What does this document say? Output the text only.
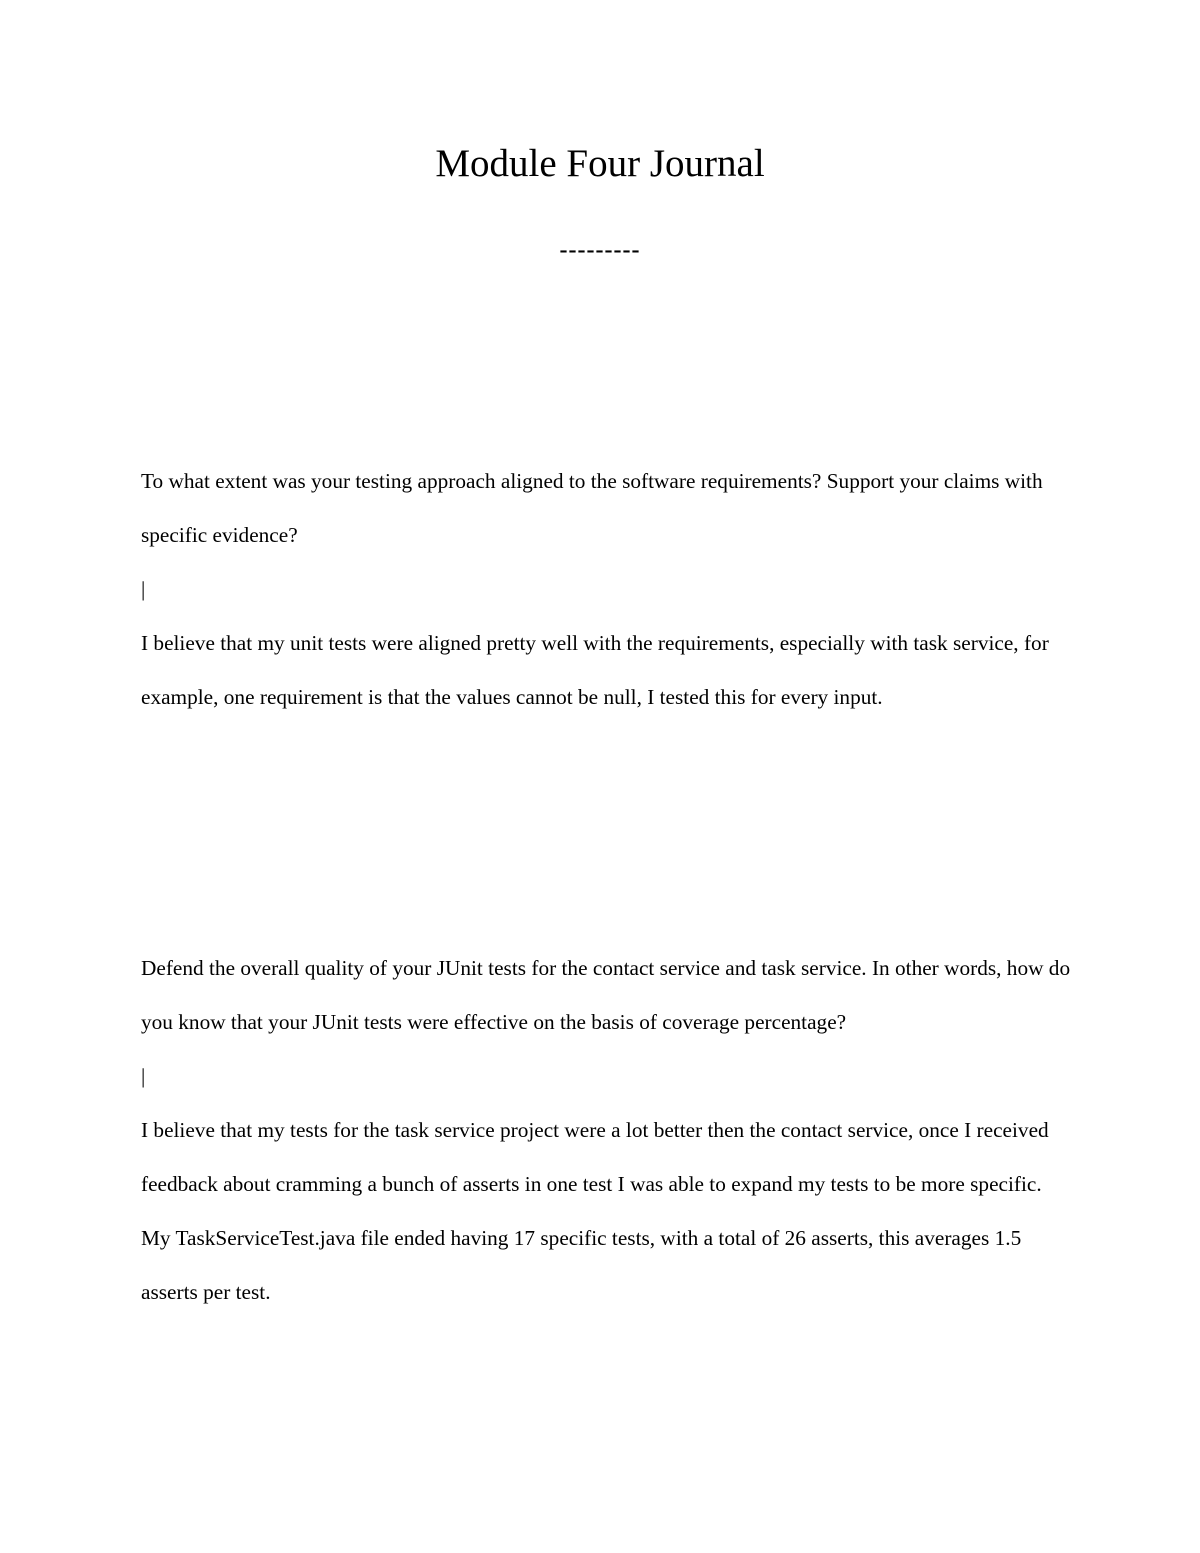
Module Four Journal
---------

To what extent was your testing approach aligned to the software requirements? Support your claims with specific evidence?

|

I believe that my unit tests were aligned pretty well with the requirements, especially with task service, for example, one requirement is that the values cannot be null, I tested this for every input.

Defend the overall quality of your JUnit tests for the contact service and task service. In other words, how do you know that your JUnit tests were effective on the basis of coverage percentage?

|

I believe that my tests for the task service project were a lot better then the contact service, once I received feedback about cramming a bunch of asserts in one test I was able to expand my tests to be more specific. My TaskServiceTest.java file ended having 17 specific tests, with a total of 26 asserts, this averages 1.5 asserts per test.
